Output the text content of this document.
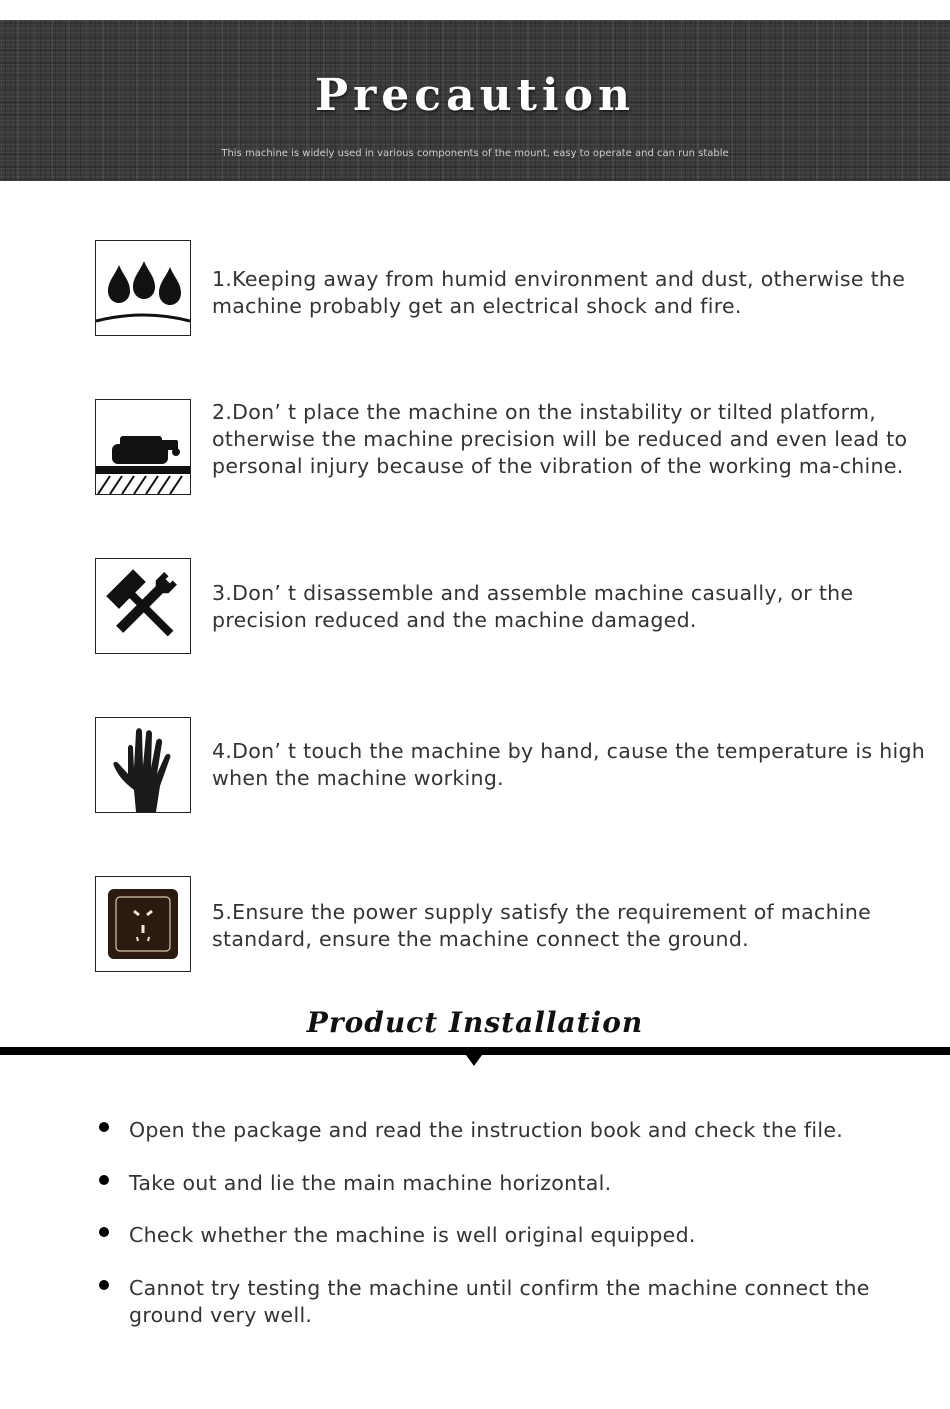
Precaution
This machine is widely used in various components of the mount, easy to operate and can run stable
1.Keeping away from humid environment and dust, otherwise the machine probably get an electrical shock and fire.
2.Don’ t place the machine on the instability or tilted platform, otherwise the machine precision will be reduced and even lead to personal injury because of the vibration of the working ma-chine.
3.Don’ t disassemble and assemble machine casually, or the precision reduced and the machine damaged.
4.Don’ t touch the machine by hand, cause the temperature is high when the machine working.
5.Ensure the power supply satisfy the requirement of machine standard, ensure the machine connect the ground.
Product Installation
Open the package and read the instruction book and check the file.
Take out and lie the main machine horizontal.
Check whether the machine is well original equipped.
Cannot try testing the machine until confirm the machine connect the ground very well.
